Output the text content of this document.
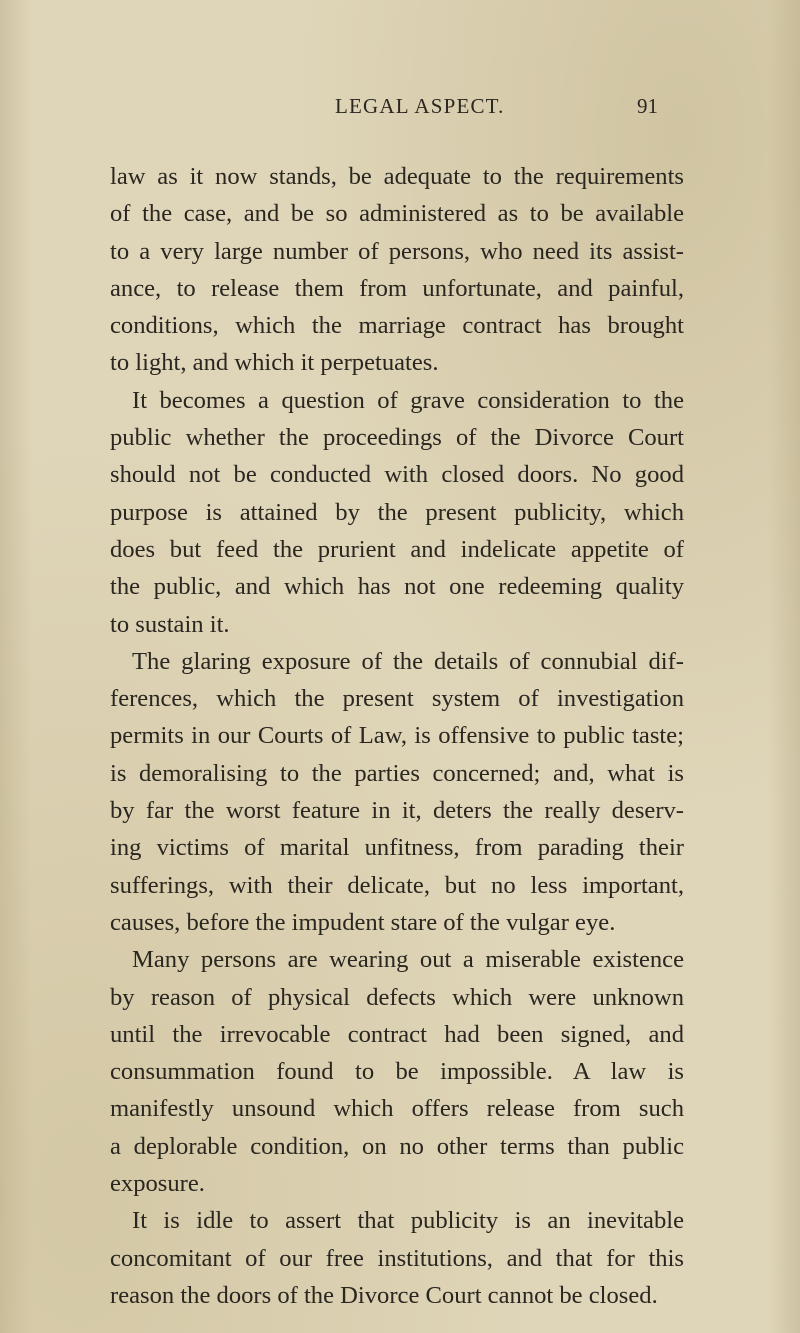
LEGAL ASPECT.	91

law as it now stands, be adequate to the requirements
of the case, and be so administered as to be available
to a very large number of persons, who need its assist-
ance, to release them from unfortunate, and painful,
conditions, which the marriage contract has brought
to light, and which it perpetuates.

It becomes a question of grave consideration to the
public whether the proceedings of the Divorce Court
should not be conducted with closed doors. No good
purpose is attained by the present publicity, which
does but feed the prurient and indelicate appetite of
the public, and which has not one redeeming quality
to sustain it.

The glaring exposure of the details of connubial dif-
ferences, which the present system of investigation
permits in our Courts of Law, is offensive to public taste;
is demoralising to the parties concerned; and, what is
by far the worst feature in it, deters the really deserv-
ing victims of marital unfitness, from parading their
sufferings, with their delicate, but no less important,
causes, before the impudent stare of the vulgar eye.

Many persons are wearing out a miserable existence
by reason of physical defects which were unknown
until the irrevocable contract had been signed, and
consummation found to be impossible. A law is
manifestly unsound which offers release from such
a deplorable condition, on no other terms than public
exposure.

It is idle to assert that publicity is an inevitable
concomitant of our free institutions, and that for this
reason the doors of the Divorce Court cannot be closed.
